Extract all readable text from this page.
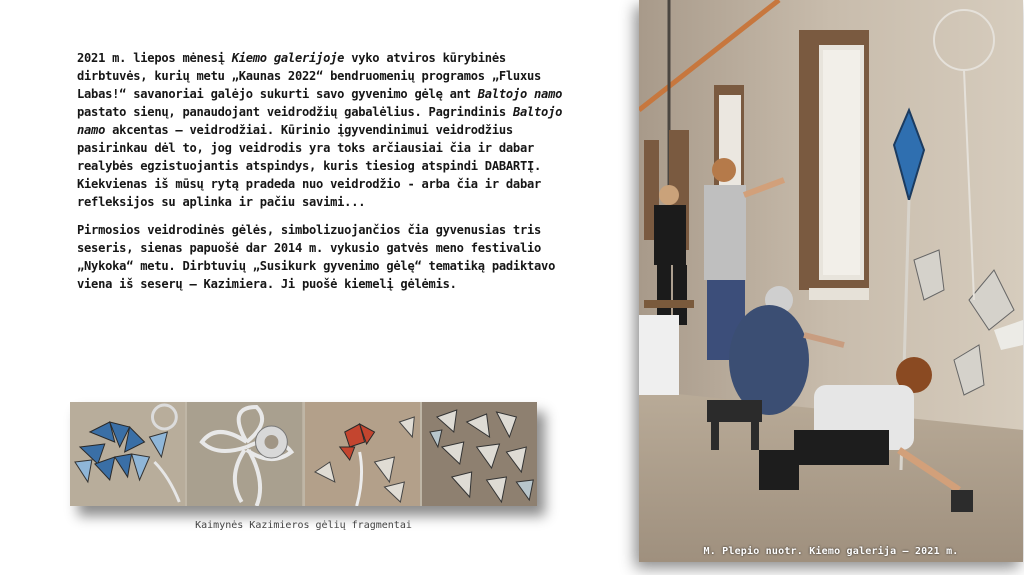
2021 m. liepos mėnesį Kiemo galerijoje vyko atviros kūrybinės dirbtuvės, kurių metu „Kaunas 2022“ bendruomenių programos „Fluxus Labas!“ savanoriai galėjo sukurti savo gyvenimo gėlę ant Baltojo namo pastato sienų, panaudojant veidrodžių gabalėlius. Pagrindinis Baltojo namo akcentas – veidrodžiai. Kūrinio įgyvendinimui veidrodžius pasirinkau dėl to, jog veidrodis yra toks arčiausiai čia ir dabar realybės egzistuojantis atspindys, kuris tiesiog atspindi DABARTĮ. Kiekvienas iš mūsų rytą pradeda nuo veidrodžio - arba čia ir dabar refleksijos su aplinka ir pačiu savimi...

Pirmosios veidrodinės gėlės, simbolizuojančios čia gyvenusias tris seseris, sienas papuošė dar 2014 m. vykusio gatvės meno festivalio „Nykoka“ metu. Dirbtuvių „Susikurk gyvenimo gėlę“ tematiką padiktavo viena iš seserų – Kazimiera. Ji puošė kiemelį gėlėmis.

Kaimynės Kazimieros gėlių fragmentai
M. Plepio nuotr. Kiemo galerija – 2021 m.
